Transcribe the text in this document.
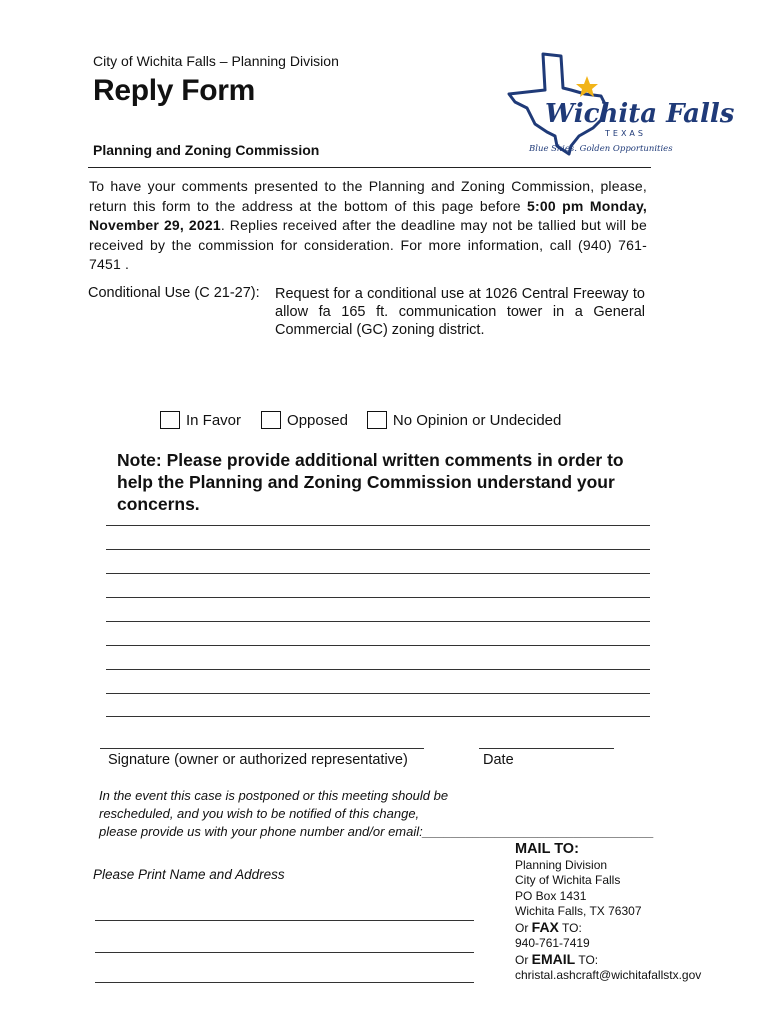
City of Wichita Falls – Planning Division
Reply Form
Planning and Zoning Commission
Wichita Falls
TEXAS
Blue Skies. Golden Opportunities
To have your comments presented to the Planning and Zoning Commission, please, return this form to the address at the bottom of this page before 5:00 pm Monday, November 29, 2021. Replies received after the deadline may not be tallied but will be received by the commission for consideration. For more information, call (940) 761-7451 .
Conditional Use (C 21-27): Request for a conditional use at 1026 Central Freeway to allow fa 165 ft. communication tower in a General Commercial (GC) zoning district.
In Favor	Opposed	No Opinion or Undecided
Note: Please provide additional written comments in order to help the Planning and Zoning Commission understand your concerns.
Signature (owner or authorized representative)	Date
In the event this case is postponed or this meeting should be
rescheduled, and you wish to be notified of this change,
please provide us with your phone number and/or email:________________________________
Please Print Name and Address
MAIL TO:
Planning Division
City of Wichita Falls
PO Box 1431
Wichita Falls, TX 76307
Or FAX TO:
940-761-7419
Or EMAIL TO:
christal.ashcraft@wichitafallstx.gov
